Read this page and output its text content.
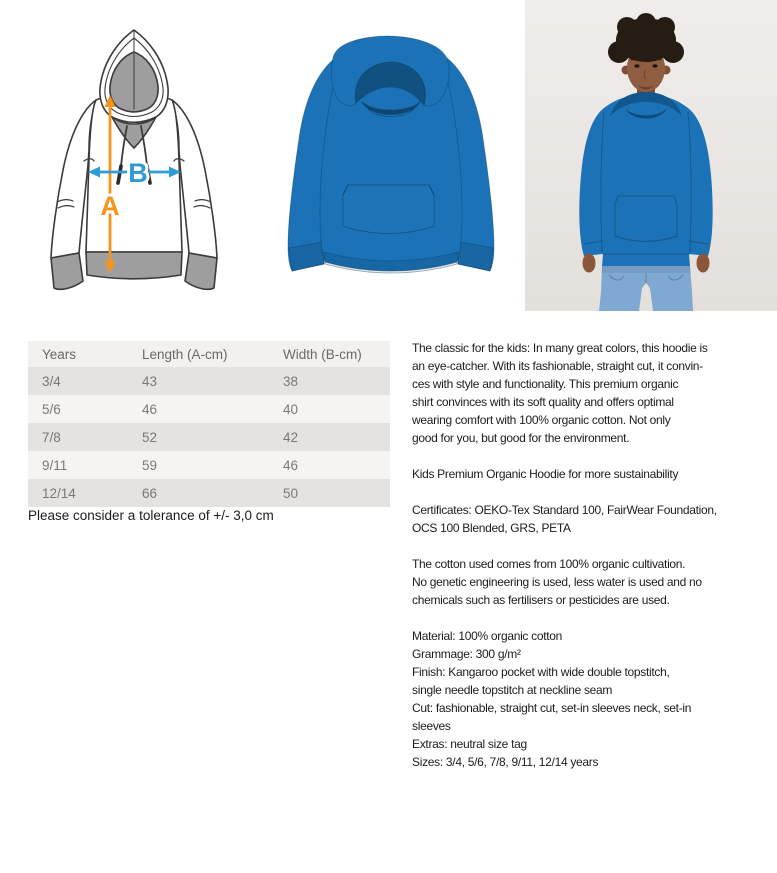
A
B
Years	Length (A-cm)	Width (B-cm)
3/4	43	38
5/6	46	40
7/8	52	42
9/11	59	46
12/14	66	50
Please consider a tolerance of +/- 3,0 cm
The classic for the kids: In many great colors, this hoodie is
an eye-catcher. With its fashionable, straight cut, it convin-
ces with style and functionality. This premium organic
shirt convinces with its soft quality and offers optimal
wearing comfort with 100% organic cotton. Not only
good for you, but good for the environment.
Kids Premium Organic Hoodie for more sustainability
Certificates: OEKO-Tex Standard 100, FairWear Foundation,
OCS 100 Blended, GRS, PETA
The cotton used comes from 100% organic cultivation.
No genetic engineering is used, less water is used and no
chemicals such as fertilisers or pesticides are used.
Material: 100% organic cotton
Grammage: 300 g/m²
Finish: Kangaroo pocket with wide double topstitch,
single needle topstitch at neckline seam
Cut: fashionable, straight cut, set-in sleeves neck, set-in
sleeves
Extras: neutral size tag
Sizes: 3/4, 5/6, 7/8, 9/11, 12/14 years
